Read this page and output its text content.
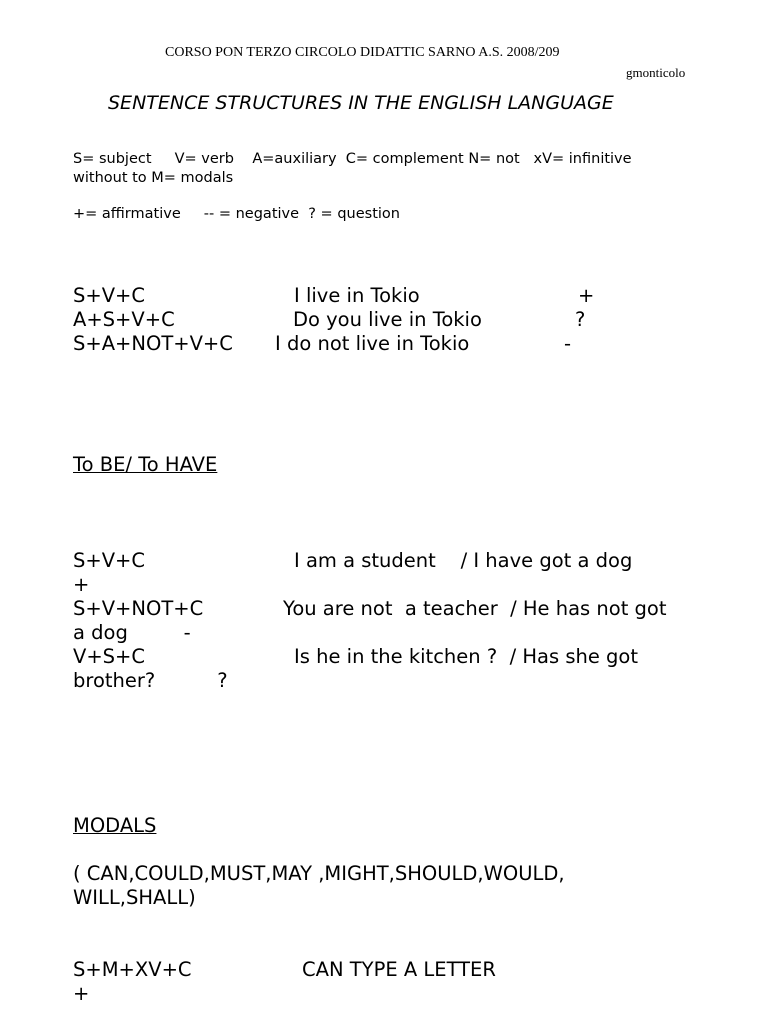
CORSO PON TERZO CIRCOLO DIDATTIC SARNO A.S. 2008/209
gmonticolo
SENTENCE STRUCTURES IN THE ENGLISH LANGUAGE
S= subject     V= verb    A=auxiliary  C= complement N= not   xV= infinitive
without to M= modals
+= affirmative     -- = negative  ? = question
S+V+C	I live in Tokio	+
A+S+V+C	Do you live in Tokio	?
S+A+NOT+V+C I do not live in Tokio	-
To BE/ To HAVE
S+V+C	I am a student    / I have got a dog
+
S+V+NOT+C	You are not  a teacher  / He has not got
a dog         -
V+S+C	Is he in the kitchen ?  / Has she got
brother?          ?
MODALS
( CAN,COULD,MUST,MAY ,MIGHT,SHOULD,WOULD,
WILL,SHALL)
S+M+XV+C	CAN TYPE A LETTER
+
